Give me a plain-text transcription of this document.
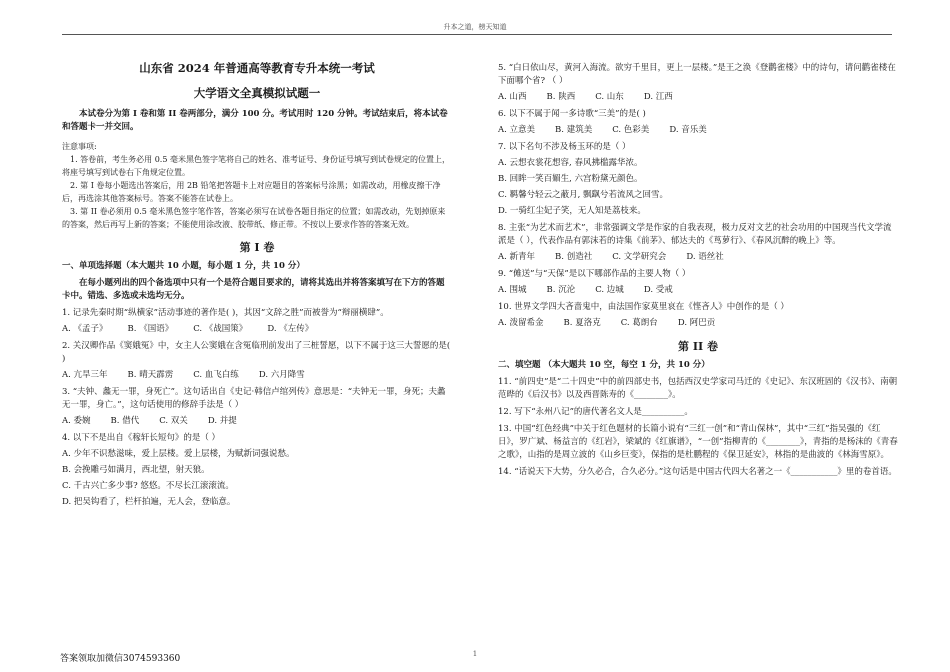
升本之道，榜天知道

山东省 2024 年普通高等教育专升本统一考试

大学语文全真模拟试题一

本试卷分为第 I 卷和第 II 卷两部分，满分 100 分。考试用时 120 分钟。考试结束后，将本试卷和答题卡一并交回。

注意事项:

1. 答卷前，考生务必用 0.5 毫米黑色签字笔将自己的姓名、准考证号、身份证号填写到试卷规定的位置上，将座号填写到试卷右下角规定位置。

2. 第 I 卷每小题选出答案后，用 2B 铅笔把答题卡上对应题目的答案标号涂黑；如需改动，用橡皮擦干净后，再选涂其他答案标号。答案不能答在试卷上。

3. 第 II 卷必须用 0.5 毫米黑色签字笔作答，答案必须写在试卷各题目指定的位置；如需改动，先划掉原来的答案，然后再写上新的答案；不能使用涂改液、胶带纸、修正带。不按以上要求作答的答案无效。

第 I 卷

一、单项选择题（本大题共 10 小题，每小题 1 分，共 10 分）

在每小题列出的四个备选项中只有一个是符合题目要求的，请将其选出并将答案填写在下方的答题卡中。错选、多选或未选均无分。

1. 记录先秦时期“纵横家”活动事迹的著作是( )，其因“文辞之胜”而被誉为“辩丽横肆”。

A. 《孟子》 B. 《国语》 C. 《战国策》 D. 《左传》

2. 关汉卿作品《窦娥冤》中，女主人公窦娥在含冤临刑前发出了三桩誓愿，以下不属于这三大誓愿的是( )

A. 亢旱三年 B. 晴天霹雳 C. 血飞白练 D. 六月降雪

3. “夫钟、蠡无一罪，身死亡”。这句话出自《史记·韩信卢绾列传》意思是：“夫钟无一罪，身死；夫蠡无一罪，身亡。”，这句话使用的修辞手法是（ ）

A. 委婉 B. 借代 C. 双关 D. 并提

4. 以下不是出自《稼轩长短句》的是（ ）

A. 少年不识愁滋味，爱上层楼。爱上层楼，为赋新词强说愁。

B. 会挽雕弓如满月，西北望，射天狼。

C. 千古兴亡多少事? 悠悠。不尽长江滚滚流。

D. 把吴钩看了，栏杆拍遍，无人会，登临意。

5. “白日依山尽，黄河入海流。欲穷千里目，更上一层楼。”是王之涣《登鹳雀楼》中的诗句，请问鹳雀楼在下面哪个省? （ ）

A. 山西 B. 陕西 C. 山东 D. 江西

6. 以下不属于闻一多诗歌“三美”的是( )

A. 立意美 B. 建筑美 C. 色彩美 D. 音乐美

7. 以下名句不涉及杨玉环的是（ ）

A. 云想衣裳花想容, 春风拂槛露华浓。

B. 回眸一笑百媚生, 六宫粉黛无颜色。

C. 羁馨兮轻云之蔽月, 飘飖兮若流风之回雪。

D. 一骑红尘妃子笑，无人知是荔枝来。

8. 主张“为艺术而艺术”，非常强调文学是作家的自我表现，极力反对文艺的社会功用的中国现当代文学流派是（ ），代表作品有郭沫若的诗集《前茅》、郁达夫的《茑萝行》、《春风沉醉的晚上》等。

A. 新青年 B. 创造社 C. 文学研究会 D. 语丝社

9. “傩送”与“天保”是以下哪部作品的主要人物（ ）

A. 围城 B. 沉沦 C. 边城 D. 受戒

10. 世界文学四大吝啬鬼中，由法国作家莫里哀在《悭吝人》中创作的是（ ）

A. 泼留希金 B. 夏洛克 C. 葛朗台 D. 阿巴贡

第 II 卷

二、填空题 （本大题共 10 空，每空 1 分，共 10 分）

11. “前四史”是“二十四史”中的前四部史书，包括西汉史学家司马迁的《史记》、东汉班固的《汉书》、南朝范晔的《后汉书》以及西晋陈寿的《________》。

12. 写下“永州八记”的唐代著名文人是__________。

13. 中国“红色经典”中关于红色题材的长篇小说有“三红一创”和“青山保林”，其中“三红”指吴强的《红日》，罗广斌、杨益言的《红岩》，梁斌的《红旗谱》，“一创”指柳青的《________》，青指的是杨沫的《青春之歌》，山指的是周立波的《山乡巨变》，保指的是杜鹏程的《保卫延安》，林指的是曲波的《林海雪原》。

14. “话说天下大势，分久必合，合久必分。”这句话是中国古代四大名著之一《___________》里的卷首语。

1
答案领取加微信3074593360
